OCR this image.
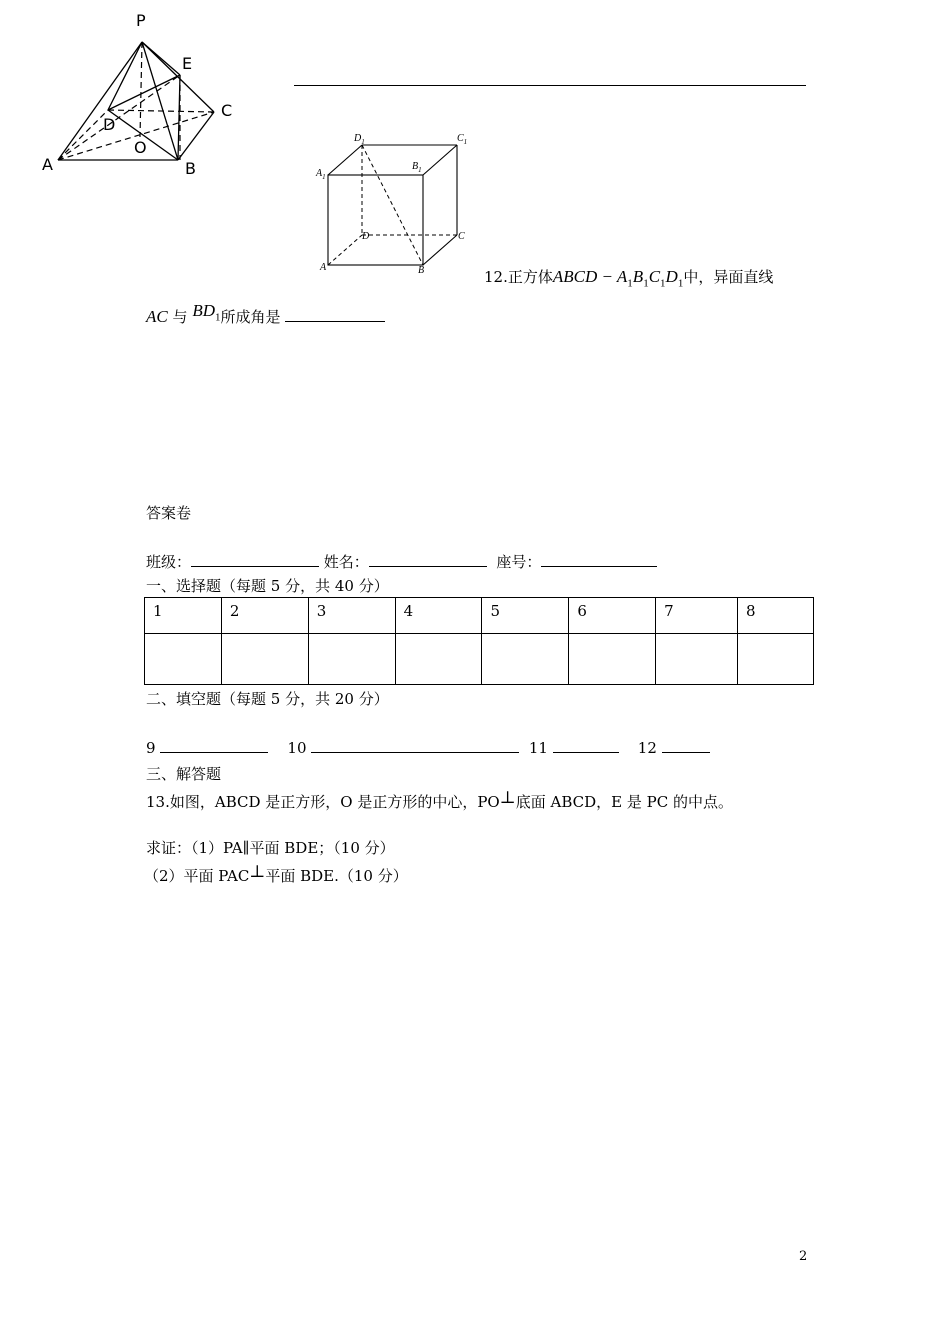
P
E
C
D
O
A	B
$D_1$	$C_1$
$A_1$
$B_1$
D	C
A	B	12.正方体ABCD − $A_1B_1C_1D_1$中，异面直线
AC 与 $BD_1$所成角是
答案卷
班级：	姓名：	座号：
一、选择题（每题 5 分，共 40 分）
1	2	3	4	5	6	7	8

二、填空题（每题 5 分，共 20 分）
9	10	11	12
三、解答题
13.如图，ABCD 是正方形，O 是正方形的中心，PO⊥底面 ABCD，E 是 PC 的中点。
求证：（1）PA∥平面 BDE；（10 分）
（2）平面 PAC⊥平面 BDE.（10 分）
2
